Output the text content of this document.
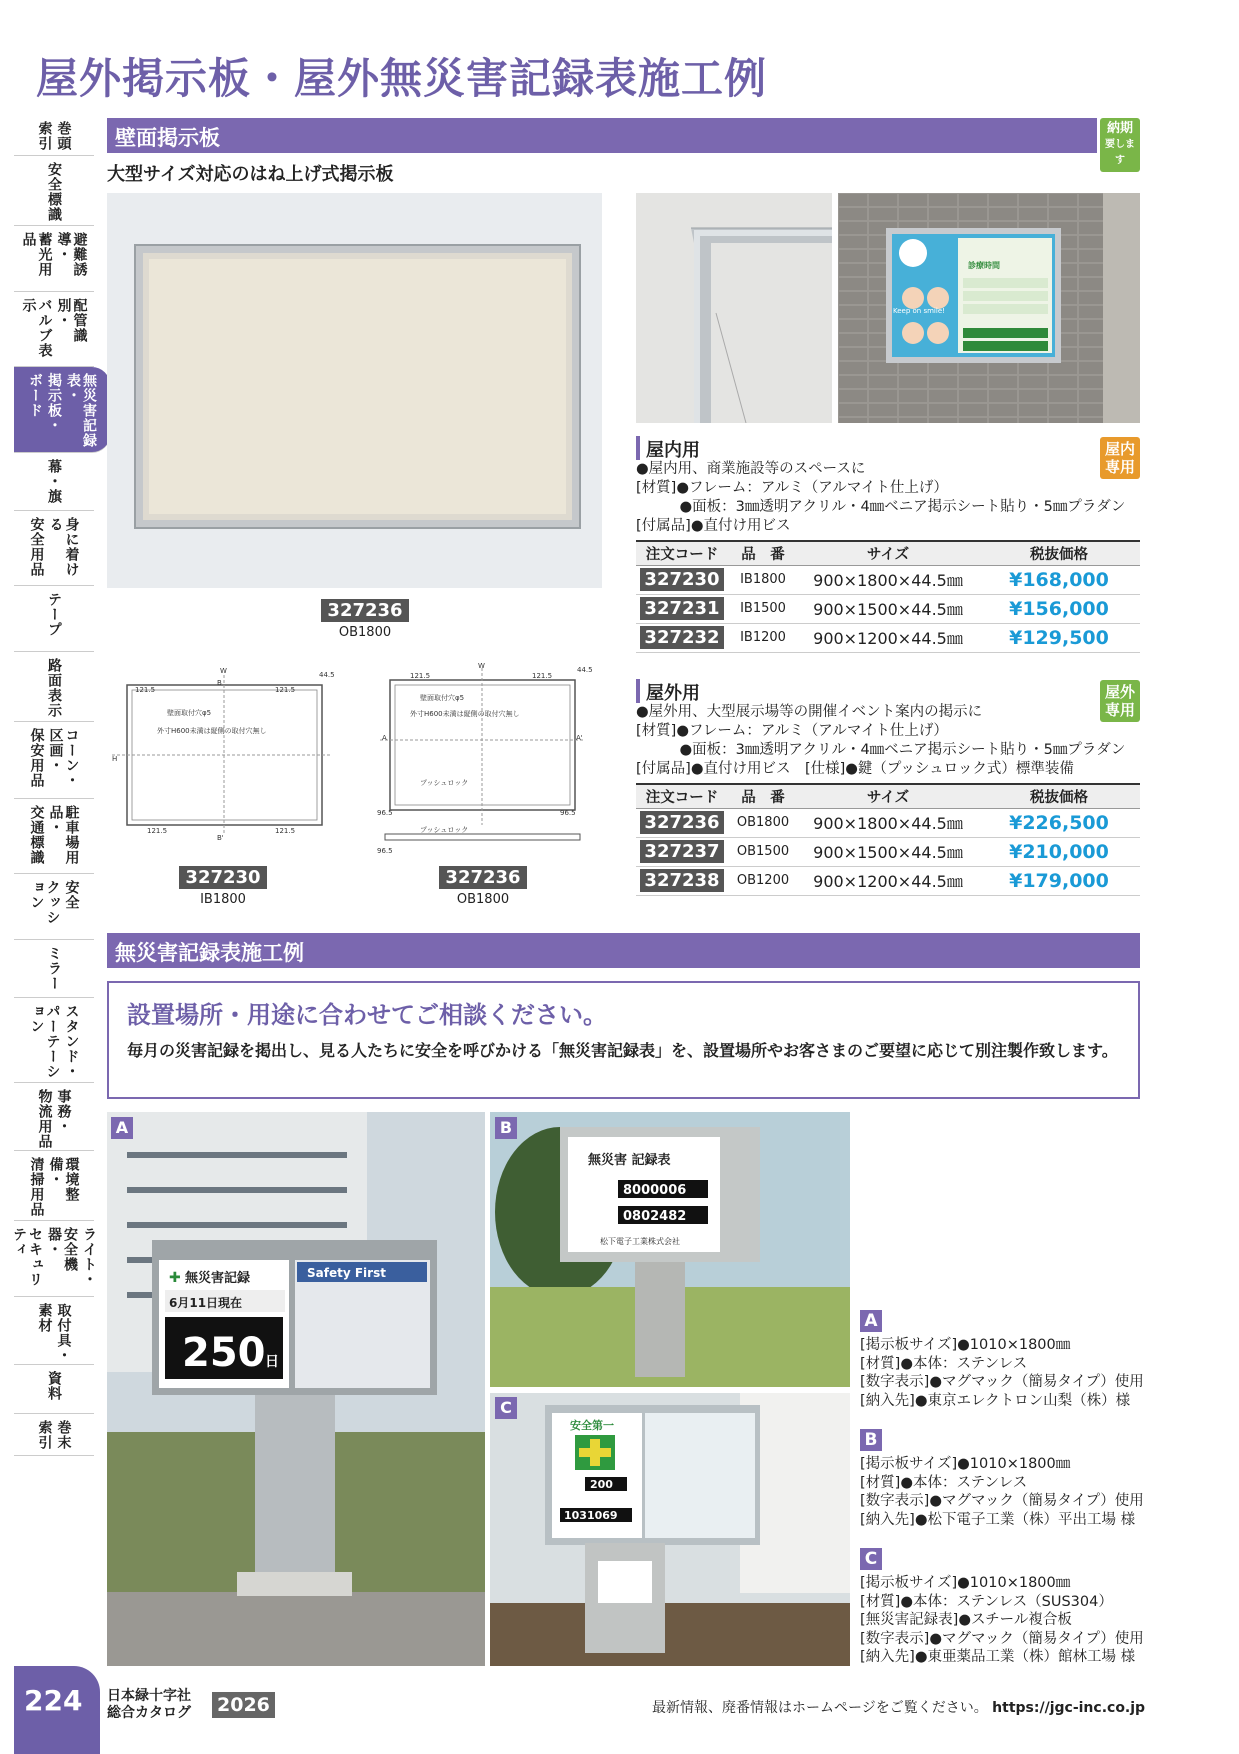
屋外掲示板・屋外無災害記録表施工例
巻頭
索引
安全標識
避難誘導・
蓄光用品
配管識別・
バルブ表示
無災害記録表・
掲示板・
ボード
幕・旗
身に着ける
安全用品
テープ
路面表示
コーン・区画・
保安用品
駐車場用品・
交通標識
安全
クッション
ミラー
スタンド・
パーテーション
事務・
物流用品
環境整備・
清掃用品
ライト・
安全機器・
セキュリティ
取付具・
素材
資料
巻末
索引
壁面掲示板	納期
要します
大型サイズ対応のはね上げ式掲示板
327236
OB1800
W
121.5	121.5
B
44.5
H
壁面取付穴φ5
外寸H600未満は縦側の取付穴無し
121.5	121.5
B'
327230
IB1800
W
121.5	121.5
44.5
A	A'
壁面取付穴φ5
外寸H600未満は縦側の取付穴無し
プッシュロック
96.5	96.5
プッシュロック
96.5
327236
OB1800
診療時間
Keep on smile!
屋内用
●屋内用、商業施設等のスペースに
[材質]●フレーム：アルミ（アルマイト仕上げ）
　　　●面板：3㎜透明アクリル・4㎜ベニア掲示シート貼り・5㎜プラダン
[付属品]●直付け用ビス
注文コード	品　番	サイズ	税抜価格
327230	IB1800	900×1800×44.5㎜	¥168,000
327231	IB1500	900×1500×44.5㎜	¥156,000
327232	IB1200	900×1200×44.5㎜	¥129,500
屋内
専用
屋外用
●屋外用、大型展示場等の開催イベント案内の掲示に
[材質]●フレーム：アルミ（アルマイト仕上げ）
　　　●面板：3㎜透明アクリル・4㎜ベニア掲示シート貼り・5㎜プラダン
[付属品]●直付け用ビス　[仕様]●鍵（プッシュロック式）標準装備
注文コード	品　番	サイズ	税抜価格
327236	OB1800	900×1800×44.5㎜	¥226,500
327237	OB1500	900×1500×44.5㎜	¥210,000
327238	OB1200	900×1200×44.5㎜	¥179,000
屋外
専用
無災害記録表施工例
設置場所・用途に合わせてご相談ください。
毎月の災害記録を掲出し、見る人たちに安全を呼びかける「無災害記録表」を、設置場所やお客さまのご要望に応じて別注製作致します。
✚ 無災害記録
6月11日現在
250 日
Safety First
A
無災害 記録表
8000006
0802482
松下電子工業株式会社
B
安全第一
200
1031069
C
A
[掲示板サイズ]●1010×1800㎜
[材質]●本体：ステンレス
[数字表示]●マグマック（簡易タイプ）使用
[納入先]●東京エレクトロン山梨（株）様
B
[掲示板サイズ]●1010×1800㎜
[材質]●本体：ステンレス
[数字表示]●マグマック（簡易タイプ）使用
[納入先]●松下電子工業（株）平出工場 様
C
[掲示板サイズ]●1010×1800㎜
[材質]●本体：ステンレス（SUS304）
[無災害記録表]●スチール複合板
[数字表示]●マグマック（簡易タイプ）使用
[納入先]●東亜薬品工業（株）館林工場 様
224	日本緑十字社
総合カタログ 2026	最新情報、廃番情報はホームページをご覧ください。 https://jgc-inc.co.jp
